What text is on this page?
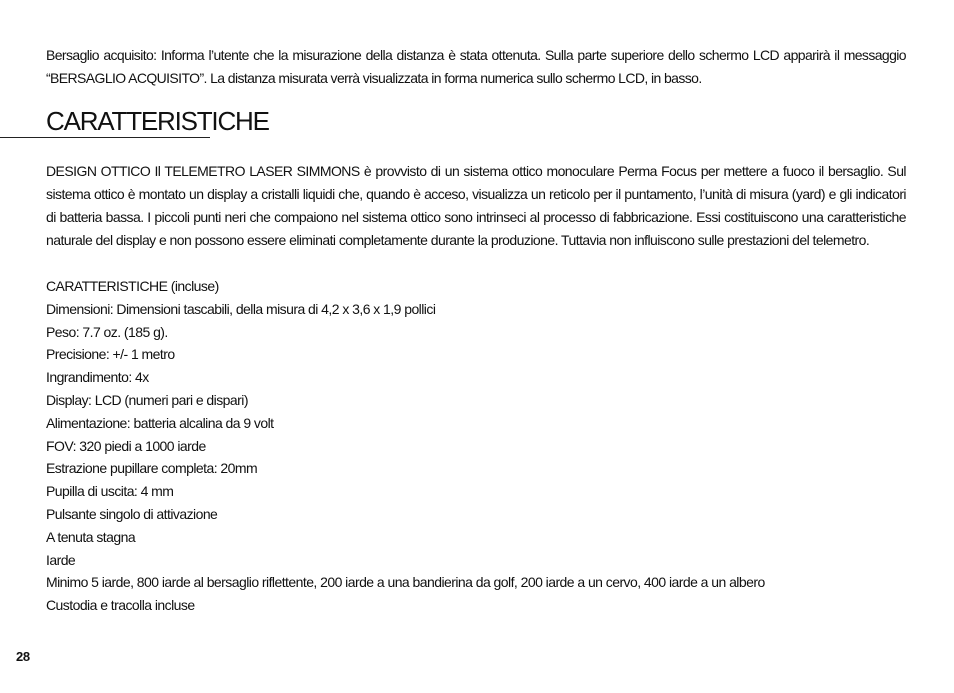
Bersaglio acquisito: Informa l’utente che la misurazione della distanza è stata ottenuta. Sulla parte superiore dello schermo LCD apparirà il messaggio “BERSAGLIO ACQUISITO”. La distanza misurata verrà visualizzata in forma numerica sullo schermo LCD, in basso.

CARATTERISTICHE

DESIGN OTTICO Il TELEMETRO LASER SIMMONS è provvisto di un sistema ottico monoculare Perma Focus per mettere a fuoco il bersaglio. Sul sistema ottico è montato un display a cristalli liquidi che, quando è acceso, visualizza un reticolo per il puntamento, l’unità di misura (yard) e gli indicatori di batteria bassa. I piccoli punti neri che compaiono nel sistema ottico sono intrinseci al processo di fabbricazione. Essi costituiscono una caratteristiche naturale del display e non possono essere eliminati completamente durante la produzione. Tuttavia non influiscono sulle prestazioni del telemetro.

CARATTERISTICHE (incluse)
Dimensioni: Dimensioni tascabili, della misura di 4,2 x 3,6 x 1,9 pollici
Peso: 7.7 oz. (185 g).
Precisione: +/- 1 metro
Ingrandimento: 4x
Display: LCD (numeri pari e dispari)
Alimentazione: batteria alcalina da 9 volt
FOV: 320 piedi a 1000 iarde
Estrazione pupillare completa: 20mm
Pupilla di uscita: 4 mm
Pulsante singolo di attivazione
A tenuta stagna
Iarde
Minimo 5 iarde, 800 iarde al bersaglio riflettente, 200 iarde a una bandierina da golf, 200 iarde a un cervo, 400 iarde a un albero
Custodia e tracolla incluse
28
